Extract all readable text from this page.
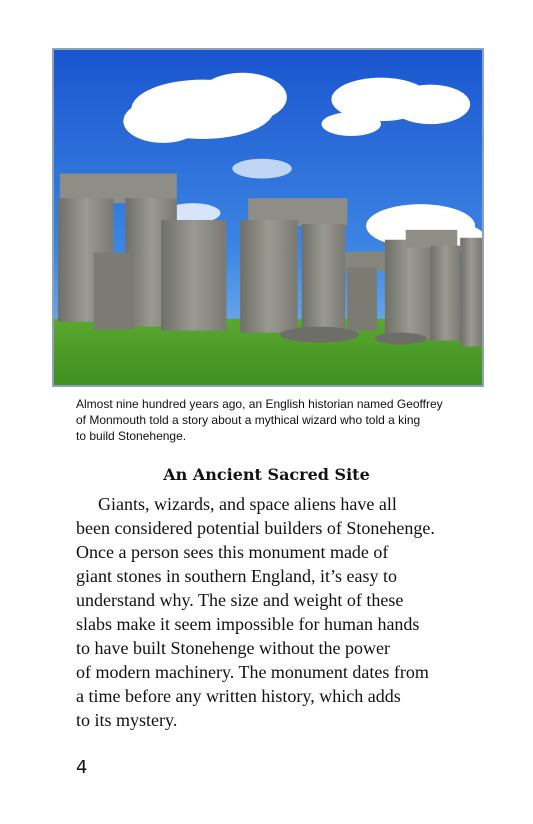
Almost nine hundred years ago, an English historian named Geoffrey
of Monmouth told a story about a mythical wizard who told a king
to build Stonehenge.
An Ancient Sacred Site
Giants, wizards, and space aliens have all
been considered potential builders of Stonehenge.
Once a person sees this monument made of
giant stones in southern England, it’s easy to
understand why. The size and weight of these
slabs make it seem impossible for human hands
to have built Stonehenge without the power
of modern machinery. The monument dates from
a time before any written history, which adds
to its mystery.
4
